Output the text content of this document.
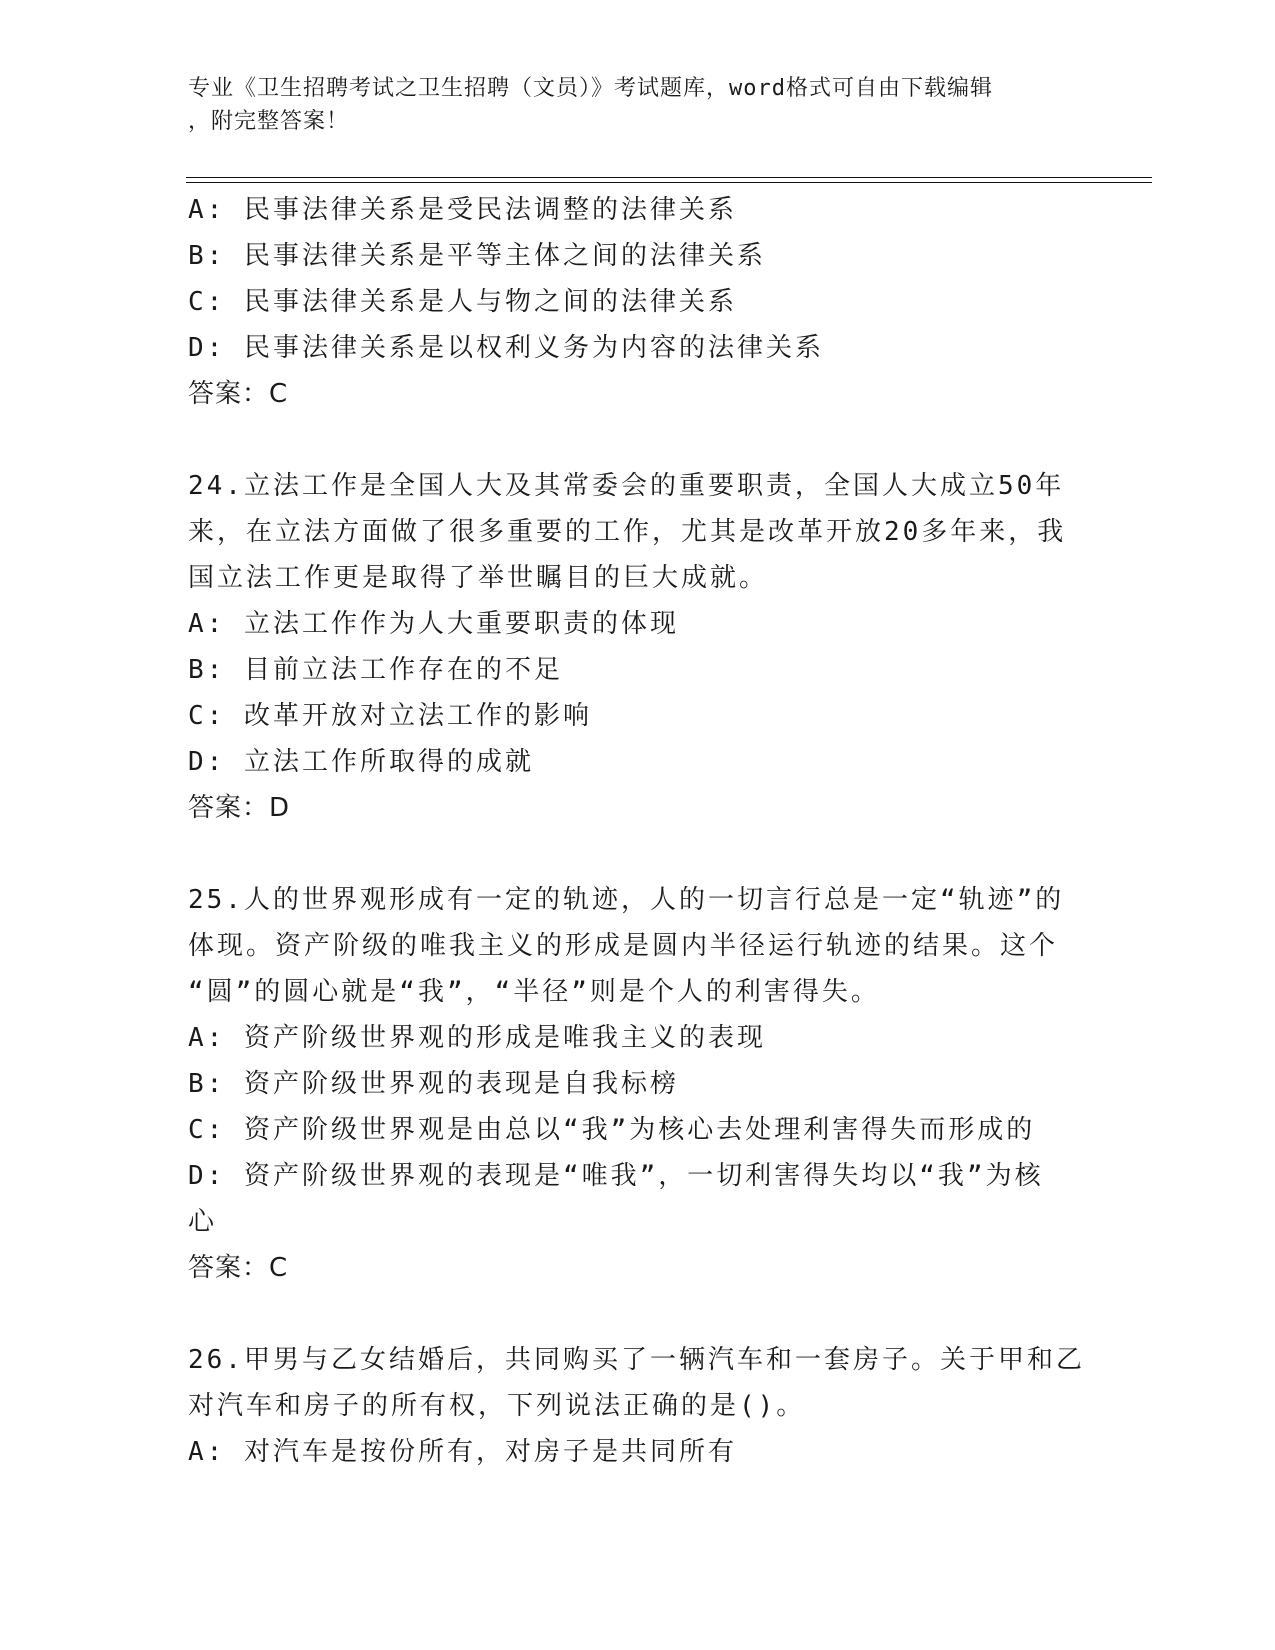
专业《卫生招聘考试之卫生招聘（文员）》考试题库，word格式可自由下载编辑
，附完整答案！
A: 民事法律关系是受民法调整的法律关系
B: 民事法律关系是平等主体之间的法律关系
C: 民事法律关系是人与物之间的法律关系
D: 民事法律关系是以权利义务为内容的法律关系
答案：C
24.立法工作是全国人大及其常委会的重要职责，全国人大成立50年
来，在立法方面做了很多重要的工作，尤其是改革开放20多年来，我
国立法工作更是取得了举世瞩目的巨大成就。
A: 立法工作作为人大重要职责的体现
B: 目前立法工作存在的不足
C: 改革开放对立法工作的影响
D: 立法工作所取得的成就
答案：D
25.人的世界观形成有一定的轨迹，人的一切言行总是一定“轨迹”的
体现。资产阶级的唯我主义的形成是圆内半径运行轨迹的结果。这个
“圆”的圆心就是“我”，“半径”则是个人的利害得失。
A: 资产阶级世界观的形成是唯我主义的表现
B: 资产阶级世界观的表现是自我标榜
C: 资产阶级世界观是由总以“我”为核心去处理利害得失而形成的
D: 资产阶级世界观的表现是“唯我”，一切利害得失均以“我”为核
心
答案：C
26.甲男与乙女结婚后，共同购买了一辆汽车和一套房子。关于甲和乙
对汽车和房子的所有权，下列说法正确的是()。
A: 对汽车是按份所有，对房子是共同所有
